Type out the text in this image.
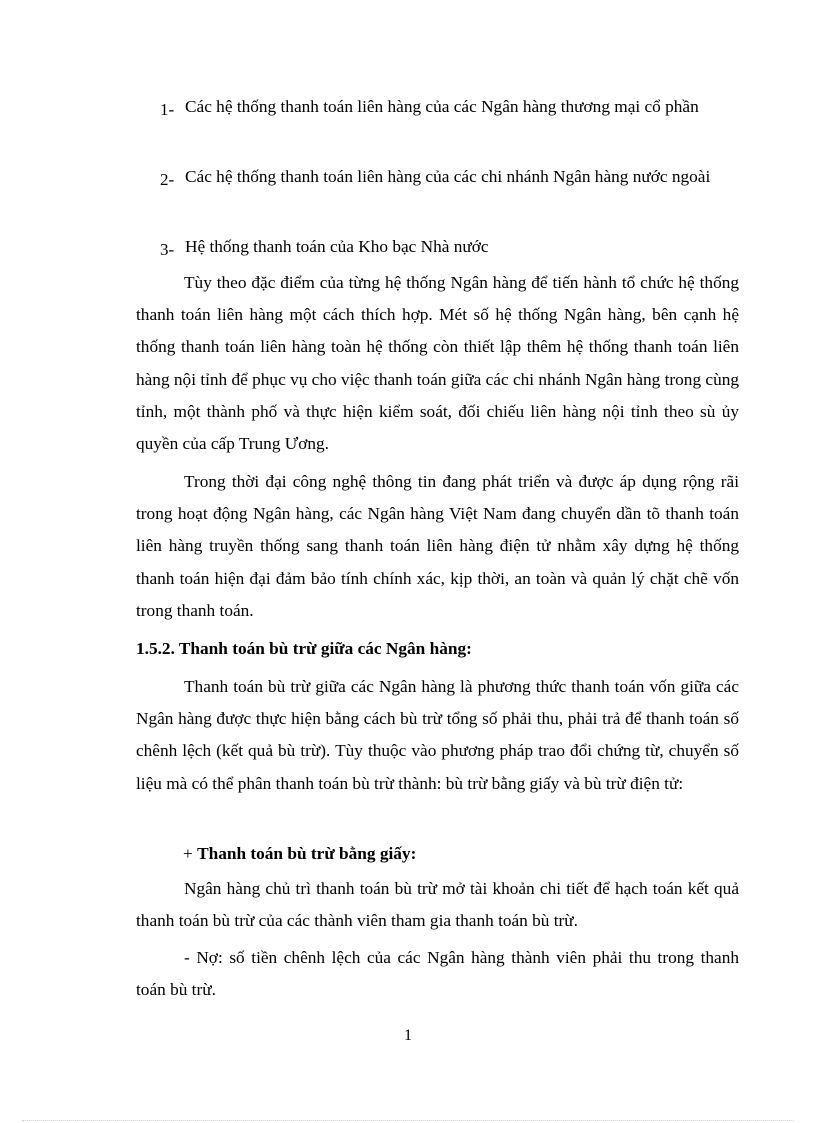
1- Các hệ thống thanh toán liên hàng của các Ngân hàng thương mại cổ phần
2- Các hệ thống thanh toán liên hàng của các chi nhánh Ngân hàng nước ngoài
3- Hệ thống thanh toán của Kho bạc Nhà nước

Tùy theo đặc điểm của từng hệ thống Ngân hàng để tiến hành tổ chức hệ thống thanh toán liên hàng một cách thích hợp. Mét số hệ thống Ngân hàng, bên cạnh hệ thống thanh toán liên hàng toàn hệ thống còn thiết lập thêm hệ thống thanh toán liên hàng nội tỉnh để phục vụ cho việc thanh toán giữa các chi nhánh Ngân hàng trong cùng tỉnh, một thành phố và thực hiện kiểm soát, đối chiếu liên hàng nội tỉnh theo sù ủy quyền của cấp Trung Ương.

Trong thời đại công nghệ thông tin đang phát triển và được áp dụng rộng rãi trong hoạt động Ngân hàng, các Ngân hàng Việt Nam đang chuyển dần tõ thanh toán liên hàng truyền thống sang thanh toán liên hàng điện tử nhằm xây dựng hệ thống thanh toán hiện đại đảm bảo tính chính xác, kịp thời, an toàn và quản lý chặt chẽ vốn trong thanh toán.

1.5.2. Thanh toán bù trừ giữa các Ngân hàng:

Thanh toán bù trừ giữa các Ngân hàng là phương thức thanh toán vốn giữa các Ngân hàng được thực hiện bằng cách bù trừ tổng số phải thu, phải trả để thanh toán số chênh lệch (kết quả bù trừ). Tùy thuộc vào phương pháp trao đổi chứng từ, chuyển số liệu mà có thể phân thanh toán bù trừ thành: bù trừ bằng giấy và bù trừ điện tử:

+ Thanh toán bù trừ bằng giấy:

Ngân hàng chủ trì thanh toán bù trừ mở tài khoản chi tiết để hạch toán kết quả thanh toán bù trừ của các thành viên tham gia thanh toán bù trừ.

- Nợ: số tiền chênh lệch của các Ngân hàng thành viên phải thu trong thanh toán bù trừ.

1
